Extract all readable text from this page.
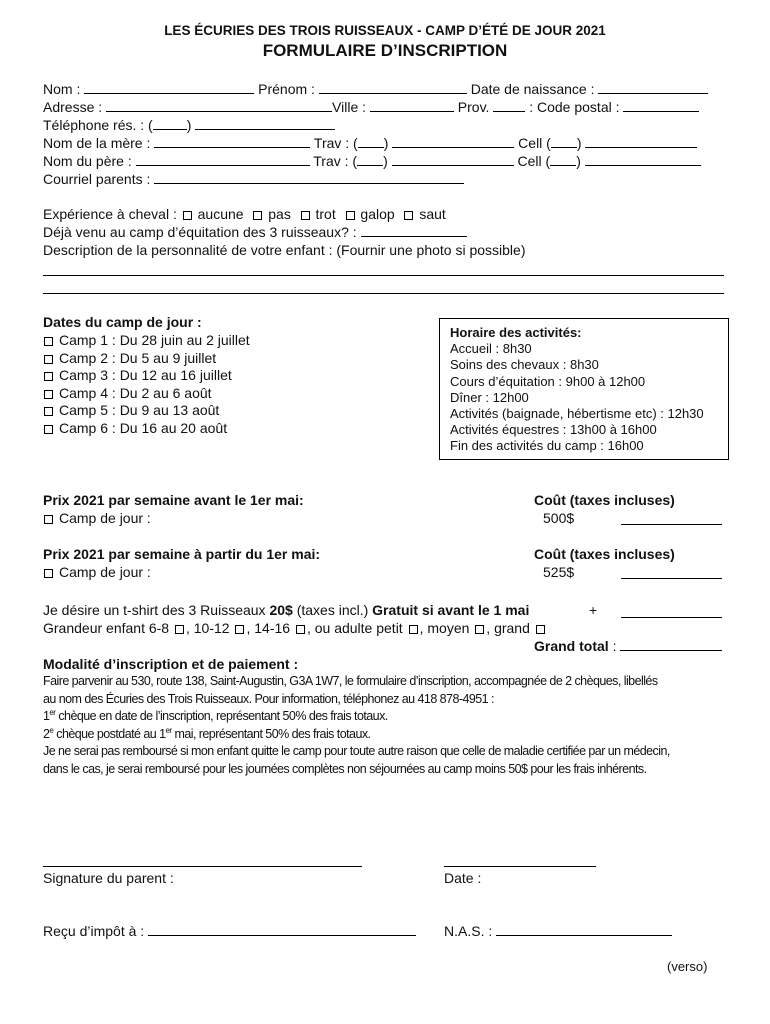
LES ÉCURIES DES TROIS RUISSEAUX - CAMP D’ÉTÉ DE JOUR 2021
FORMULAIRE D’INSCRIPTION
Nom :	Prénom :	Date de naissance :
Adresse :	Ville :	Prov.	: Code postal :
Téléphone rés. : ( )
Nom de la mère :	Trav : ( )	Cell ( )
Nom du père :	Trav : ( )	Cell ( )
Courriel parents :
Expérience à cheval : aucune pas trot galop saut
Déjà venu au camp d’équitation des 3 ruisseaux? :
Description de la personnalité de votre enfant : (Fournir une photo si possible)
Dates du camp de jour :
Camp 1 : Du 28 juin au 2 juillet
Camp 2 : Du 5 au 9 juillet
Camp 3 : Du 12 au 16 juillet
Camp 4 : Du 2 au 6 août
Camp 5 : Du 9 au 13 août
Camp 6 : Du 16 au 20 août
Horaire des activités:
Accueil : 8h30
Soins des chevaux : 8h30
Cours d’équitation : 9h00 à 12h00
Dîner : 12h00
Activités (baignade, hébertisme etc) : 12h30
Activités équestres : 13h00 à 16h00
Fin des activités du camp : 16h00
Prix 2021 par semaine avant le 1er mai:	Coût (taxes incluses)
Camp de jour :	500$
Prix 2021 par semaine à partir du 1er mai:	Coût (taxes incluses)
Camp de jour :	525$
Je désire un t-shirt des 3 Ruisseaux 20$ (taxes incl.) Gratuit si avant le 1 mai	+
Grandeur enfant 6-8 , 10-12 , 14-16 , ou adulte petit , moyen , grand
Grand total :
Modalité d’inscription et de paiement :
Faire parvenir au 530, route 138, Saint-Augustin, G3A 1W7, le formulaire d’inscription, accompagnée de 2 chèques, libellés
au nom des Écuries des Trois Ruisseaux. Pour information, téléphonez au 418 878-4951 :
1er chèque en date de l’inscription, représentant 50% des frais totaux.
2e chèque postdaté au 1er mai, représentant 50% des frais totaux.
Je ne serai pas remboursé si mon enfant quitte le camp pour toute autre raison que celle de maladie certifiée par un médecin,
dans le cas, je serai remboursé pour les journées complètes non séjournées au camp moins 50$ pour les frais inhérents.
Signature du parent :	Date :
Reçu d’impôt à :	N.A.S. :
(verso)
